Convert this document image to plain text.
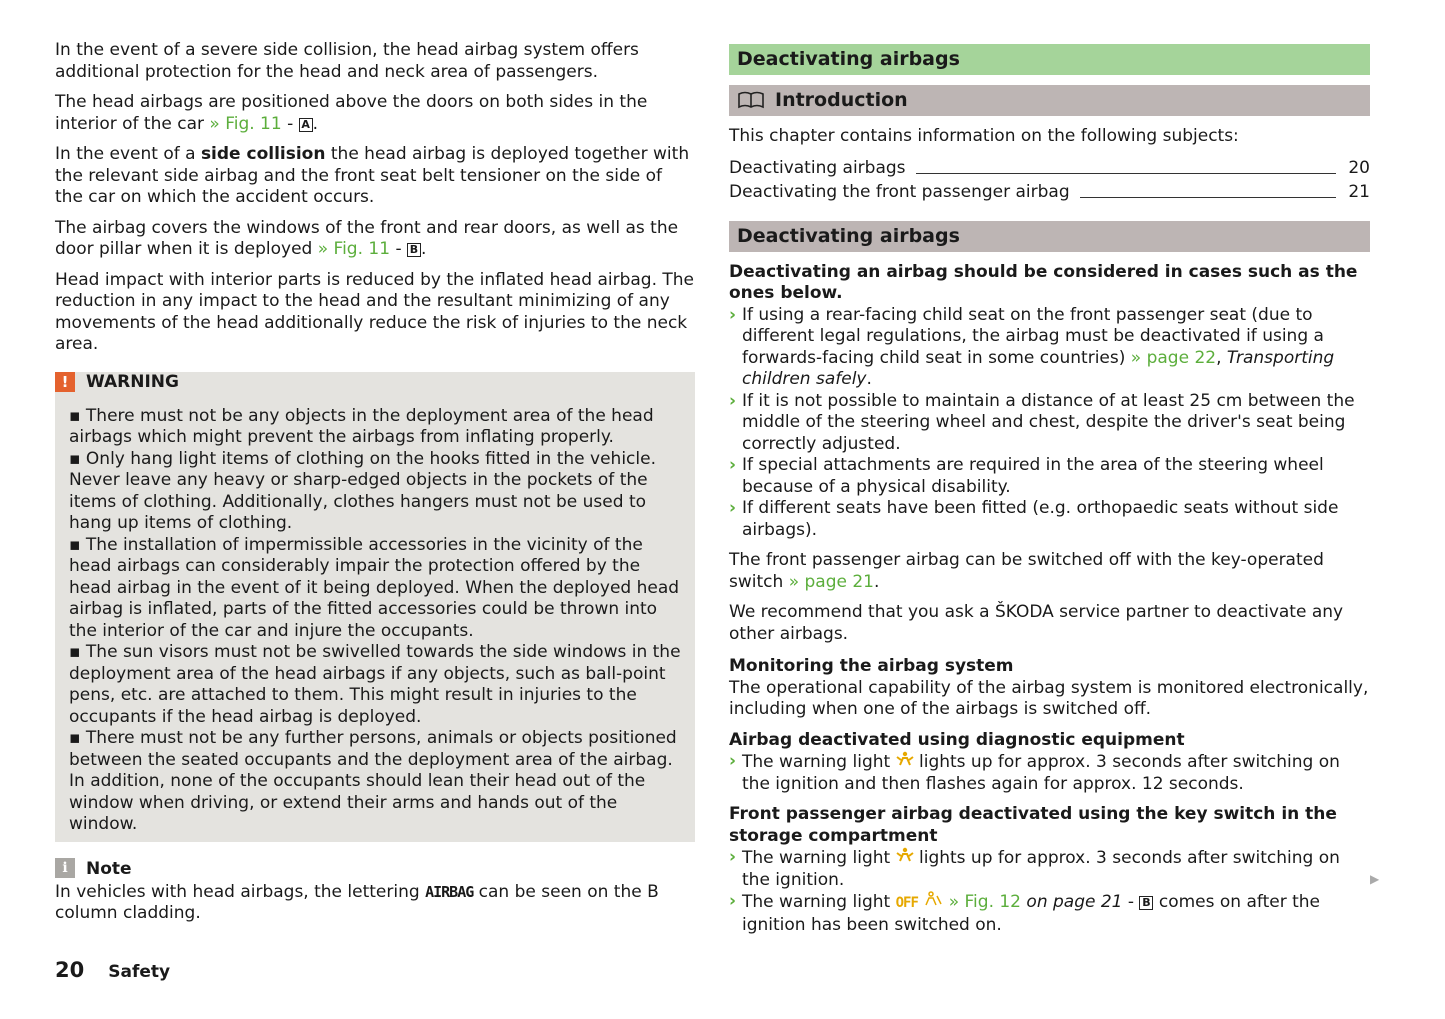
In the event of a severe side collision, the head airbag system offers additional protection for the head and neck area of passengers.

The head airbags are positioned above the doors on both sides in the interior of the car » Fig. 11 - A .

In the event of a side collision the head airbag is deployed together with the relevant side airbag and the front seat belt tensioner on the side of the car on which the accident occurs.

The airbag covers the windows of the front and rear doors, as well as the door pillar when it is deployed » Fig. 11 - B .

Head impact with interior parts is reduced by the inflated head airbag. The reduction in any impact to the head and the resultant minimizing of any movements of the head additionally reduce the risk of injuries to the neck area.

!	WARNING

▪ There must not be any objects in the deployment area of the head airbags which might prevent the airbags from inflating properly.

▪ Only hang light items of clothing on the hooks fitted in the vehicle. Never leave any heavy or sharp-edged objects in the pockets of the items of clothing. Additionally, clothes hangers must not be used to hang up items of clothing.

▪ The installation of impermissible accessories in the vicinity of the head airbags can considerably impair the protection offered by the head airbag in the event of it being deployed. When the deployed head airbag is inflated, parts of the fitted accessories could be thrown into the interior of the car and injure the occupants.

▪ The sun visors must not be swivelled towards the side windows in the deployment area of the head airbags if any objects, such as ball-point pens, etc. are attached to them. This might result in injuries to the occupants if the head airbag is deployed.

▪ There must not be any further persons, animals or objects positioned between the seated occupants and the deployment area of the airbag. In addition, none of the occupants should lean their head out of the window when driving, or extend their arms and hands out of the window.

i	Note

In vehicles with head airbags, the lettering AIRBAG can be seen on the B column cladding.

Deactivating airbags
Introduction

This chapter contains information on the following subjects:

Deactivating airbags	20
Deactivating the front passenger airbag	21
Deactivating airbags

Deactivating an airbag should be considered in cases such as the ones below.

› If using a rear-facing child seat on the front passenger seat (due to different legal regulations, the airbag must be deactivated if using a forwards-facing child seat in some countries) » page 22, Transporting children safely.
› If it is not possible to maintain a distance of at least 25 cm between the middle of the steering wheel and chest, despite the driver's seat being correctly adjusted.
› If special attachments are required in the area of the steering wheel because of a physical disability.
› If different seats have been fitted (e.g. orthopaedic seats without side airbags).

The front passenger airbag can be switched off with the key-operated switch » page 21.

We recommend that you ask a ŠKODA service partner to deactivate any other airbags.

Monitoring the airbag system

The operational capability of the airbag system is monitored electronically, including when one of the airbags is switched off.

Airbag deactivated using diagnostic equipment

› The warning light  lights up for approx. 3 seconds after switching on the ignition and then flashes again for approx. 12 seconds.

Front passenger airbag deactivated using the key switch in the storage compartment

› The warning light  lights up for approx. 3 seconds after switching on the ignition.
› The warning light OFF » Fig. 12 on page 21 - B comes on after the ignition has been switched on.
▶
20 Safety
